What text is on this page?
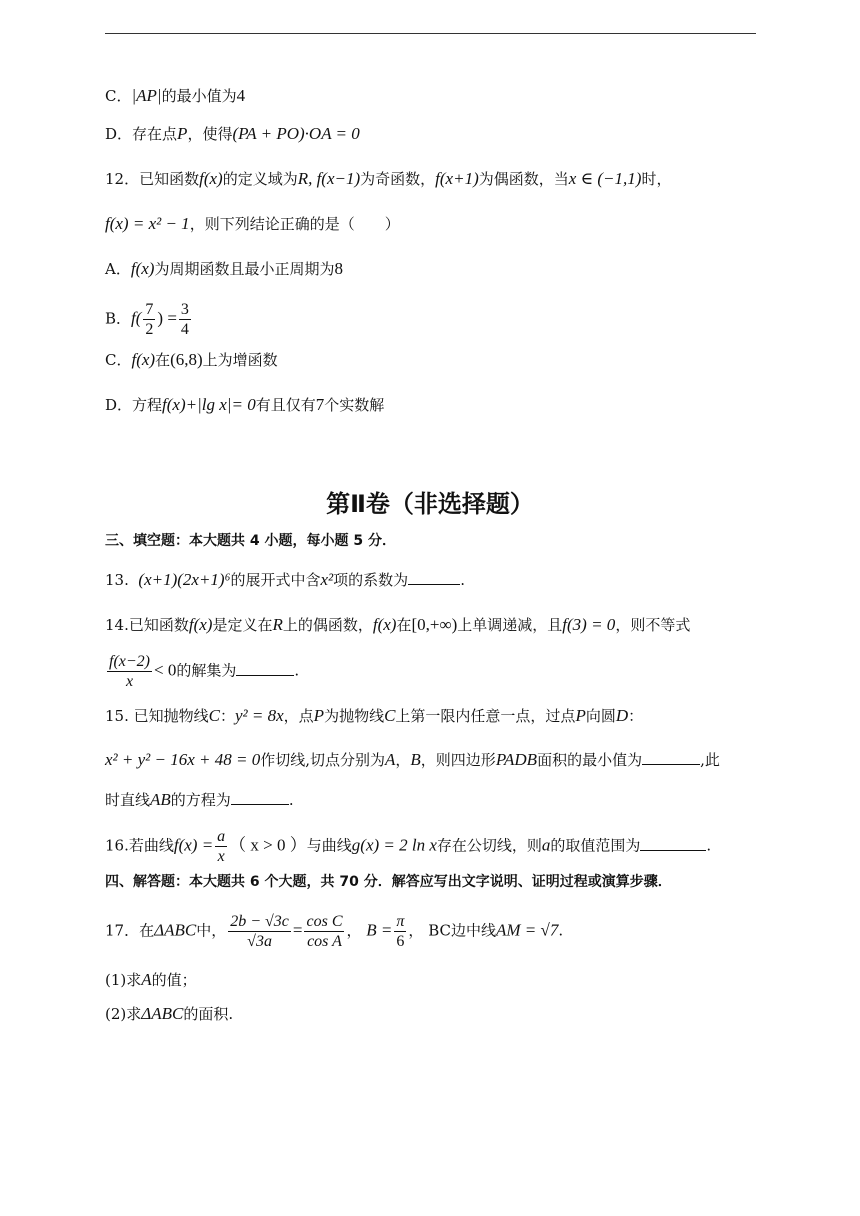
C．|AP|的最小值为4
D．存在点P，使得(PA + PO)·OA = 0
12．已知函数f(x)的定义域为R, f(x−1)为奇函数，f(x+1)为偶函数，当x ∈ (−1,1)时，
f(x) = x² − 1，则下列结论正确的是（　　）
A．f(x)为周期函数且最小正周期为8
B．$f( \frac{7}{2}$ ) = $\frac{3}{4}$
C．f(x)在(6,8)上为增函数
D．方程f(x)+|lg x|= 0有且仅有7个实数解
第Ⅱ卷（非选择题）
三、填空题：本大题共 4 小题，每小题 5 分．
13. (x+1)(2x+1)⁶的展开式中含x²项的系数为	.
14.已知函数f(x)是定义在R上的偶函数，f(x)在[0,+∞)上单调递减，且f(3) = 0，则不等式
$\frac{f(x-2)}{x} < 0$的解集为	.
15. 已知抛物线C：y² = 8x，点P为抛物线C上第一限内任意一点，过点P向圆D：
x² + y² − 16x + 48 = 0作切线,切点分别为A，B，则四边形PADB面积的最小值为	,此
时直线AB的方程为	.
16.若曲线$f(x) = \frac{a}{x}$ （ x > 0 ）与曲线g(x) = 2 ln x存在公切线，则a的取值范围为	.
四、解答题：本大题共 6 个大题，共 70 分．解答应写出文字说明、证明过程或演算步骤．
17．在ΔABC中， $\frac{2b - √3c}{√3a} = \frac{\text{cos C}}{\text{cos A}}$ ， $B = \frac{\pi}{6}$ ， BC边中线AM = √7.
(1)求A的值；
(2)求ΔABC的面积.
